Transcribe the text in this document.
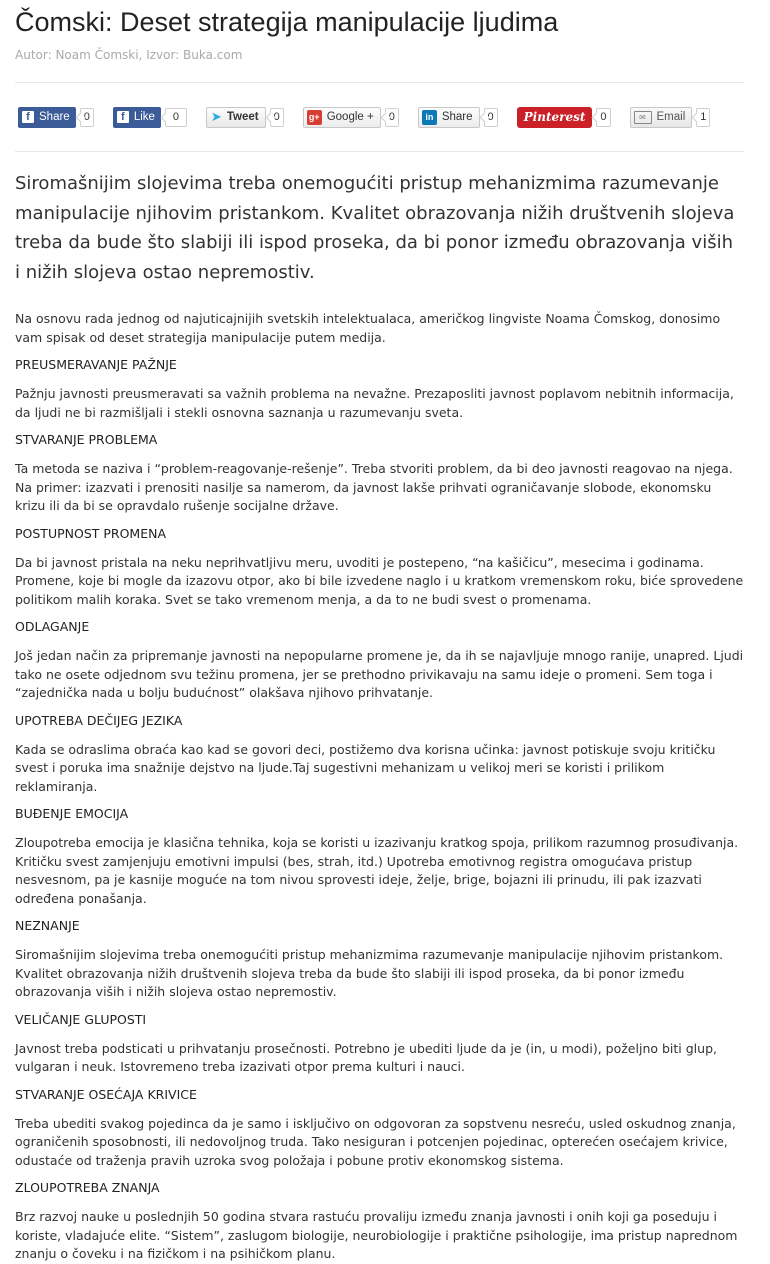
Čomski: Deset strategija manipulacije ljudima
Autor: Noam Čomski, Izvor: Buka.com
f Share	0	f Like	0	➤ Tweet	0	g+ Google +	0	in Share	0	Pinterest	0	✉ Email	1

Siromašnijim slojevima treba onemogućiti pristup mehanizmima razumevanje manipulacije njihovim pristankom. Kvalitet obrazovanja nižih društvenih slojeva treba da bude što slabiji ili ispod proseka, da bi ponor između obrazovanja viših i nižih slojeva ostao nepremostiv.

Na osnovu rada jednog od najuticajnijih svetskih intelektualaca, američkog lingviste Noama Čomskog, donosimo vam spisak od deset strategija manipulacije putem medija.

PREUSMERAVANJE PAŽNJE

Pažnju javnosti preusmeravati sa važnih problema na nevažne. Prezaposliti javnost poplavom nebitnih informacija, da ljudi ne bi razmišljali i stekli osnovna saznanja u razumevanju sveta.

STVARANJE PROBLEMA

Ta metoda se naziva i “problem-reagovanje-rešenje”. Treba stvoriti problem, da bi deo javnosti reagovao na njega. Na primer: izazvati i prenositi nasilje sa namerom, da javnost lakše prihvati ograničavanje slobode, ekonomsku krizu ili da bi se opravdalo rušenje socijalne države.

POSTUPNOST PROMENA

Da bi javnost pristala na neku neprihvatljivu meru, uvoditi je postepeno, “na kašičicu”, mesecima i godinama. Promene, koje bi mogle da izazovu otpor, ako bi bile izvedene naglo i u kratkom vremenskom roku, biće sprovedene politikom malih koraka. Svet se tako vremenom menja, a da to ne budi svest o promenama.

ODLAGANJE

Još jedan način za pripremanje javnosti na nepopularne promene je, da ih se najavljuje mnogo ranije, unapred. Ljudi tako ne osete odjednom svu težinu promena, jer se prethodno privikavaju na samu ideje o promeni. Sem toga i “zajednička nada u bolju budućnost” olakšava njihovo prihvatanje.

UPOTREBA DEČIJEG JEZIKA

Kada se odraslima obraća kao kad se govori deci, postižemo dva korisna učinka: javnost potiskuje svoju kritičku svest i poruka ima snažnije dejstvo na ljude.Taj sugestivni mehanizam u velikoj meri se koristi i prilikom reklamiranja.

BUĐENJE EMOCIJA

Zloupotreba emocija je klasična tehnika, koja se koristi u izazivanju kratkog spoja, prilikom razumnog prosuđivanja. Kritičku svest zamjenjuju emotivni impulsi (bes, strah, itd.) Upotreba emotivnog registra omogućava pristup nesvesnom, pa je kasnije moguće na tom nivou sprovesti ideje, želje, brige, bojazni ili prinudu, ili pak izazvati određena ponašanja.

NEZNANJE

Siromašnijim slojevima treba onemogućiti pristup mehanizmima razumevanje manipulacije njihovim pristankom. Kvalitet obrazovanja nižih društvenih slojeva treba da bude što slabiji ili ispod proseka, da bi ponor između obrazovanja viših i nižih slojeva ostao nepremostiv.

VELIČANJE GLUPOSTI

Javnost treba podsticati u prihvatanju prosečnosti. Potrebno je ubediti ljude da je (in, u modi), poželjno biti glup, vulgaran i neuk. Istovremeno treba izazivati otpor prema kulturi i nauci.

STVARANJE OSEĆAJA KRIVICE

Treba ubediti svakog pojedinca da je samo i isključivo on odgovoran za sopstvenu nesreću, usled oskudnog znanja, ograničenih sposobnosti, ili nedovoljnog truda. Tako nesiguran i potcenjen pojedinac, opterećen osećajem krivice, odustaće od traženja pravih uzroka svog položaja i pobune protiv ekonomskog sistema.

ZLOUPOTREBA ZNANJA

Brz razvoj nauke u poslednjih 50 godina stvara rastuću provaliju između znanja javnosti i onih koji ga poseduju i koriste, vladajuće elite. “Sistem”, zaslugom biologije, neurobiologije i praktične psihologije, ima pristup naprednom znanju o čoveku i na fizičkom i na psihičkom planu.
